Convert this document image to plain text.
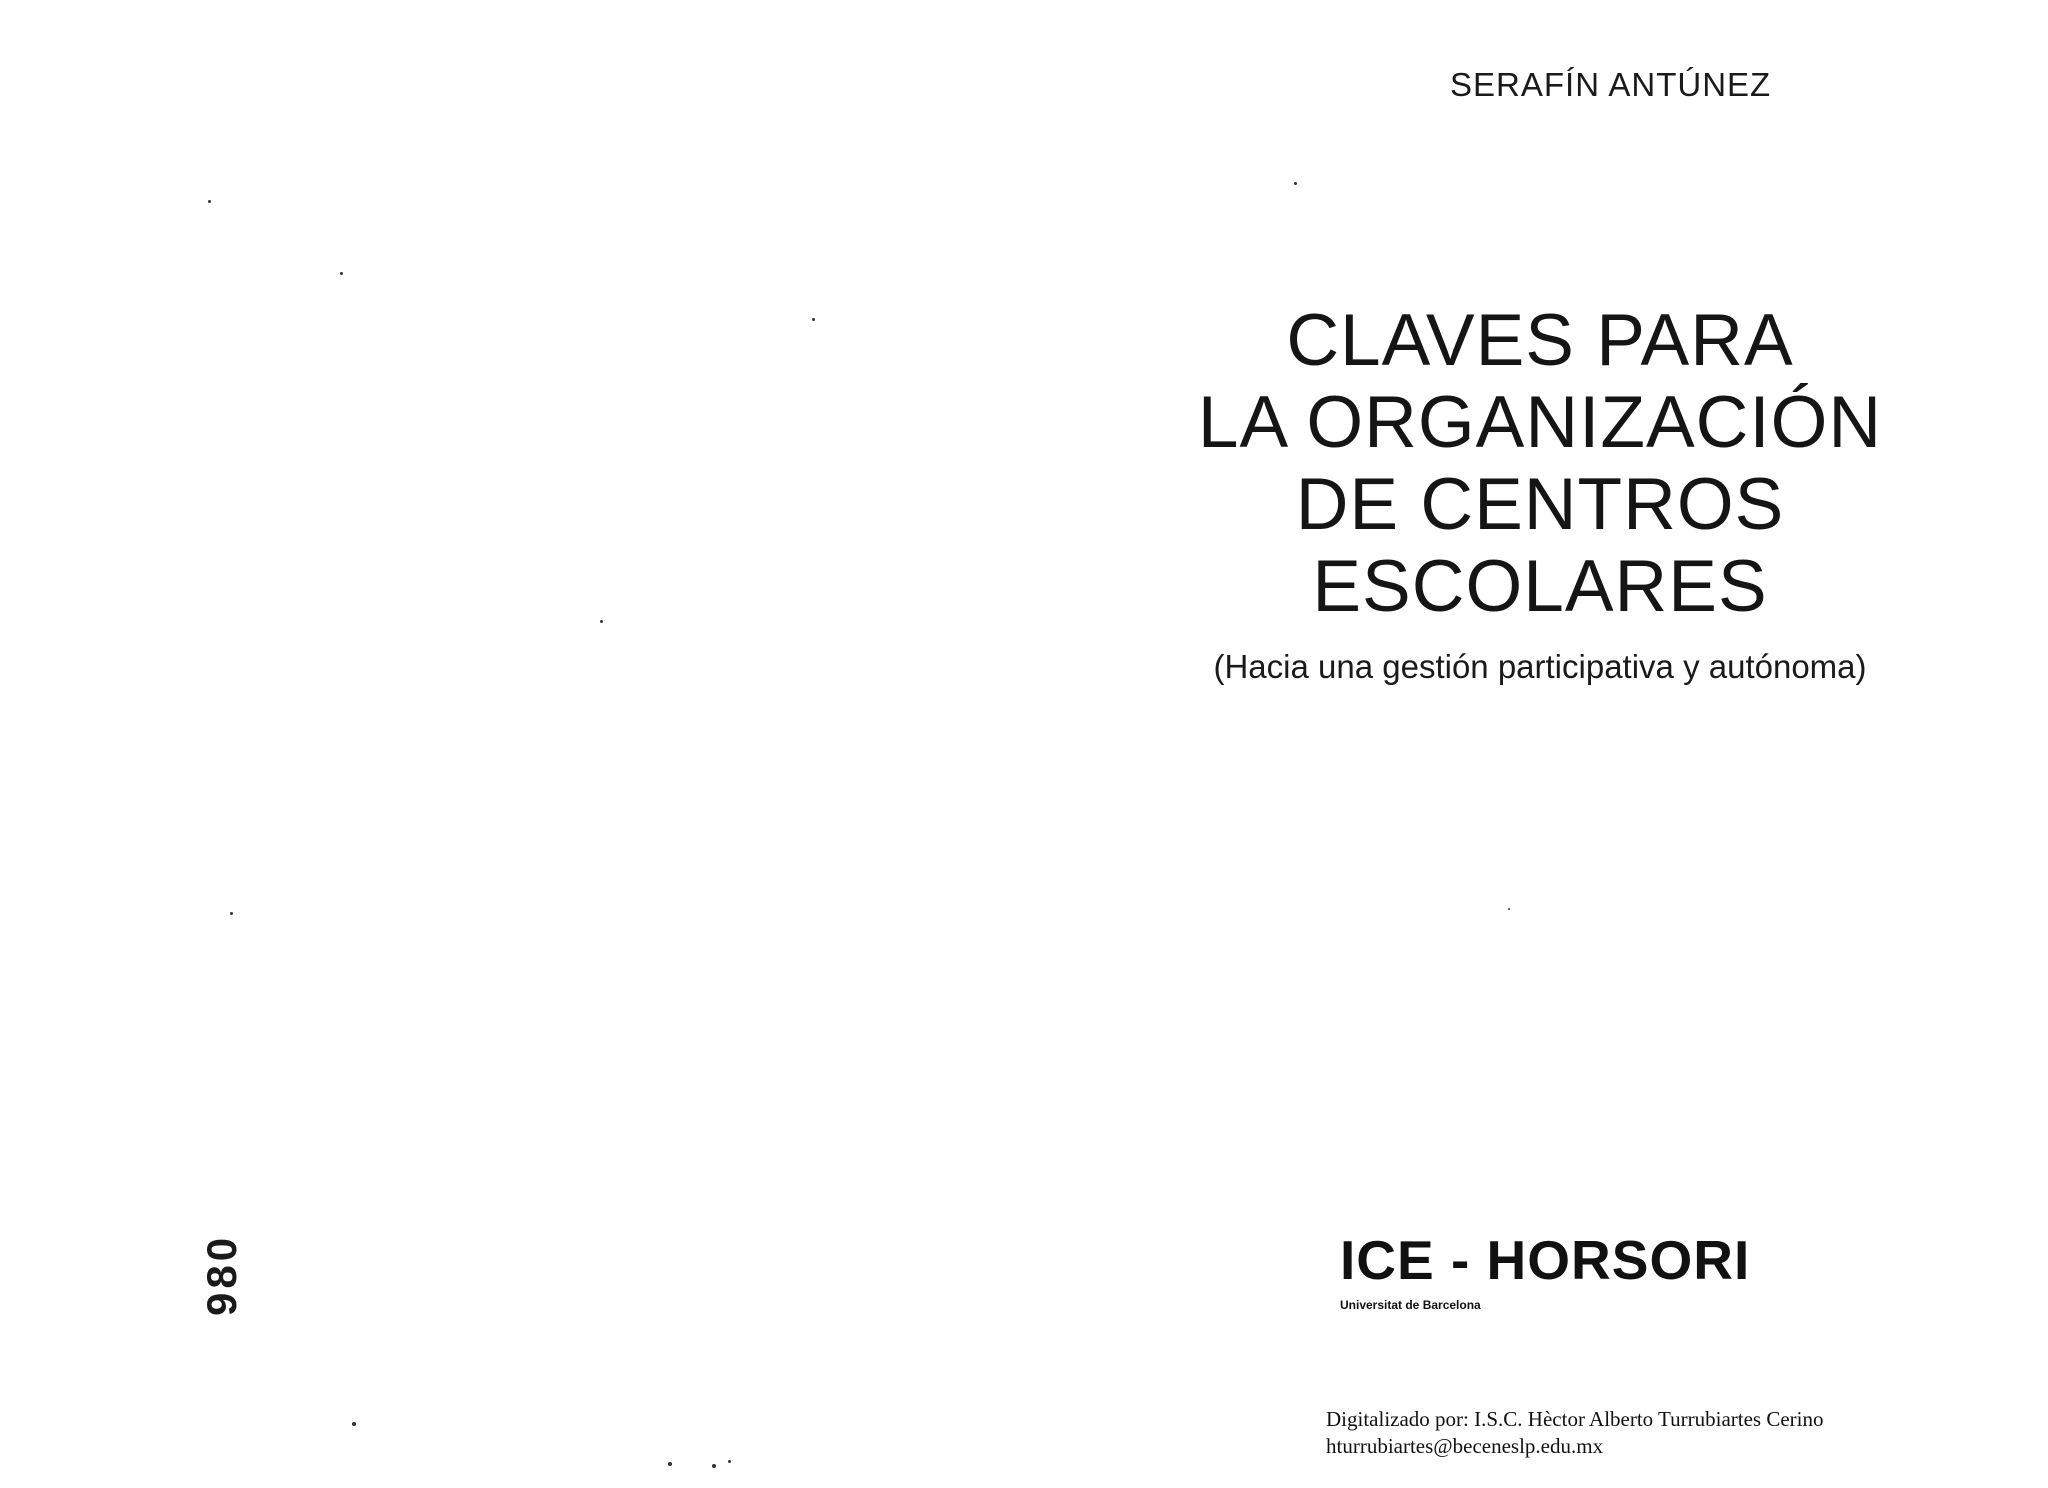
980
SERAFÍN ANTÚNEZ
CLAVES PARA
LA ORGANIZACIÓN
DE CENTROS
ESCOLARES
(Hacia una gestión participativa y autónoma)
ICE - HORSORI
Universitat de Barcelona
Digitalizado por: I.S.C. Hèctor Alberto Turrubiartes Cerino
hturrubiartes@beceneslp.edu.mx
